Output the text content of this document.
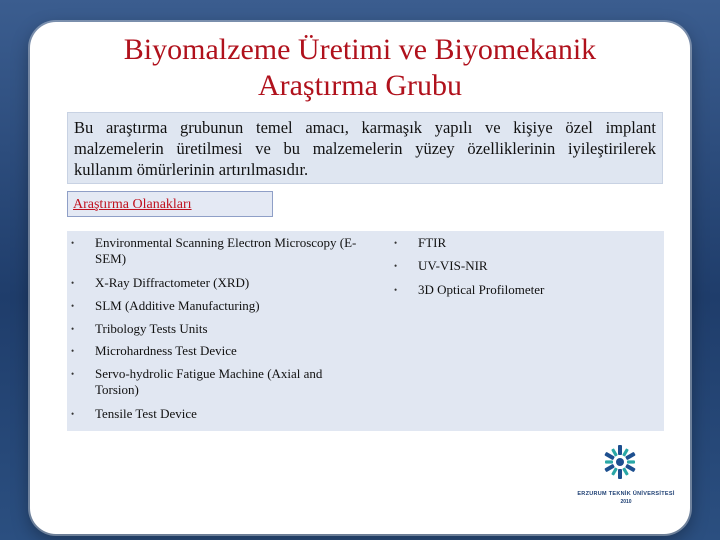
Biyomalzeme Üretimi ve Biyomekanik
Araştırma Grubu
Bu araştırma grubunun temel amacı, karmaşık yapılı ve kişiye özel implant malzemelerin üretilmesi ve bu malzemelerin yüzey özelliklerinin iyileştirilerek kullanım ömürlerinin artırılmasıdır.
Araştırma Olanakları
• Environmental Scanning Electron Microscopy (E-SEM)
• X-Ray Diffractometer (XRD)
• SLM (Additive Manufacturing)
• Tribology Tests Units
• Microhardness Test Device
• Servo-hydrolic Fatigue Machine (Axial and Torsion)
• Tensile Test Device
• FTIR
• UV-VIS-NIR
• 3D Optical Profilometer
ERZURUM TEKNİK ÜNİVERSİTESİ
2010
